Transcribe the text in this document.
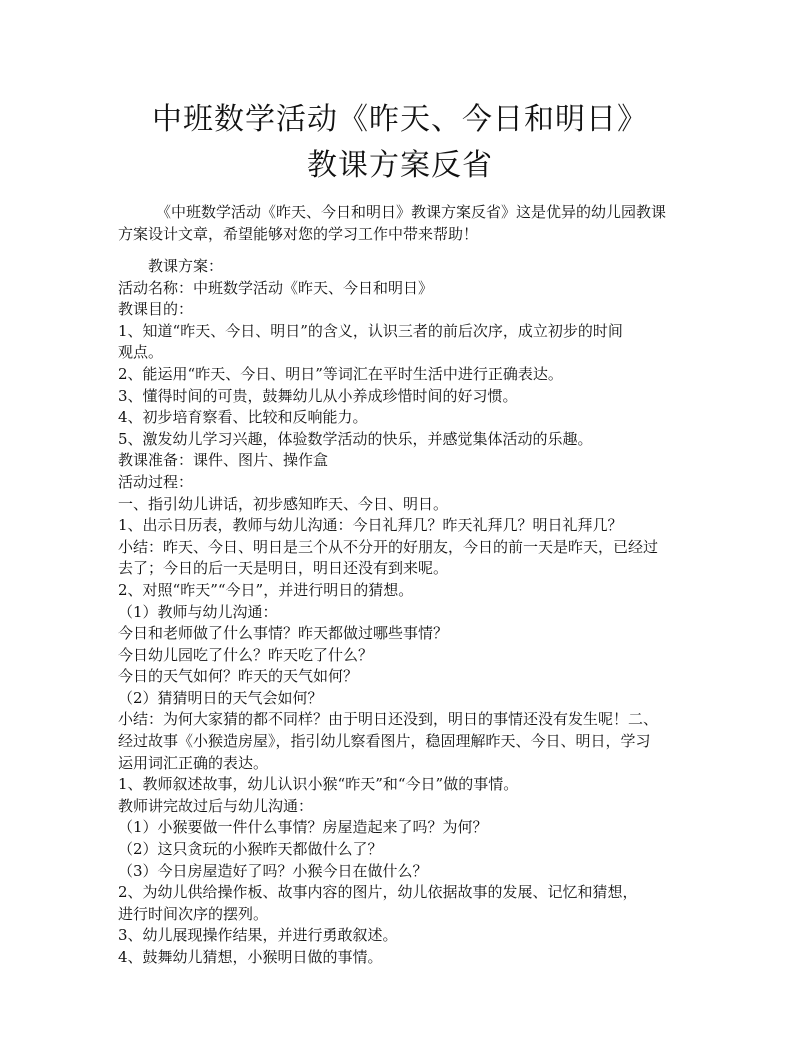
中班数学活动《昨天、今日和明日》
教课方案反省

《中班数学活动《昨天、今日和明日》教课方案反省》这是优异的幼儿园教课

方案设计文章，希望能够对您的学习工作中带来帮助！

教课方案：
活动名称：中班数学活动《昨天、今日和明日》
教课目的：
1、知道“昨天、今日、明日”的含义，认识三者的前后次序，成立初步的时间
观点。
2、能运用“昨天、今日、明日”等词汇在平时生活中进行正确表达。
3、懂得时间的可贵，鼓舞幼儿从小养成珍惜时间的好习惯。
4、初步培育察看、比较和反响能力。
5、激发幼儿学习兴趣，体验数学活动的快乐，并感觉集体活动的乐趣。
教课准备：课件、图片、操作盒
活动过程：
一、指引幼儿讲话，初步感知昨天、今日、明日。
1、出示日历表，教师与幼儿沟通：今日礼拜几？昨天礼拜几？明日礼拜几？
小结：昨天、今日、明日是三个从不分开的好朋友，今日的前一天是昨天，已经过
去了；今日的后一天是明日，明日还没有到来呢。
2、对照“昨天”“今日”，并进行明日的猜想。
（1）教师与幼儿沟通：
今日和老师做了什么事情？昨天都做过哪些事情？
今日幼儿园吃了什么？昨天吃了什么？
今日的天气如何？昨天的天气如何？
（2）猜猜明日的天气会如何？
小结：为何大家猜的都不同样？由于明日还没到，明日的事情还没有发生呢！二、
经过故事《小猴造房屋》，指引幼儿察看图片，稳固理解昨天、今日、明日，学习
运用词汇正确的表达。
1、教师叙述故事，幼儿认识小猴“昨天”和“今日”做的事情。
教师讲完故过后与幼儿沟通：
（1）小猴要做一件什么事情？房屋造起来了吗？为何？
（2）这只贪玩的小猴昨天都做什么了？
（3）今日房屋造好了吗？小猴今日在做什么？
2、为幼儿供给操作板、故事内容的图片，幼儿依据故事的发展、记忆和猜想，
进行时间次序的摆列。
3、幼儿展现操作结果，并进行勇敢叙述。
4、鼓舞幼儿猜想，小猴明日做的事情。
